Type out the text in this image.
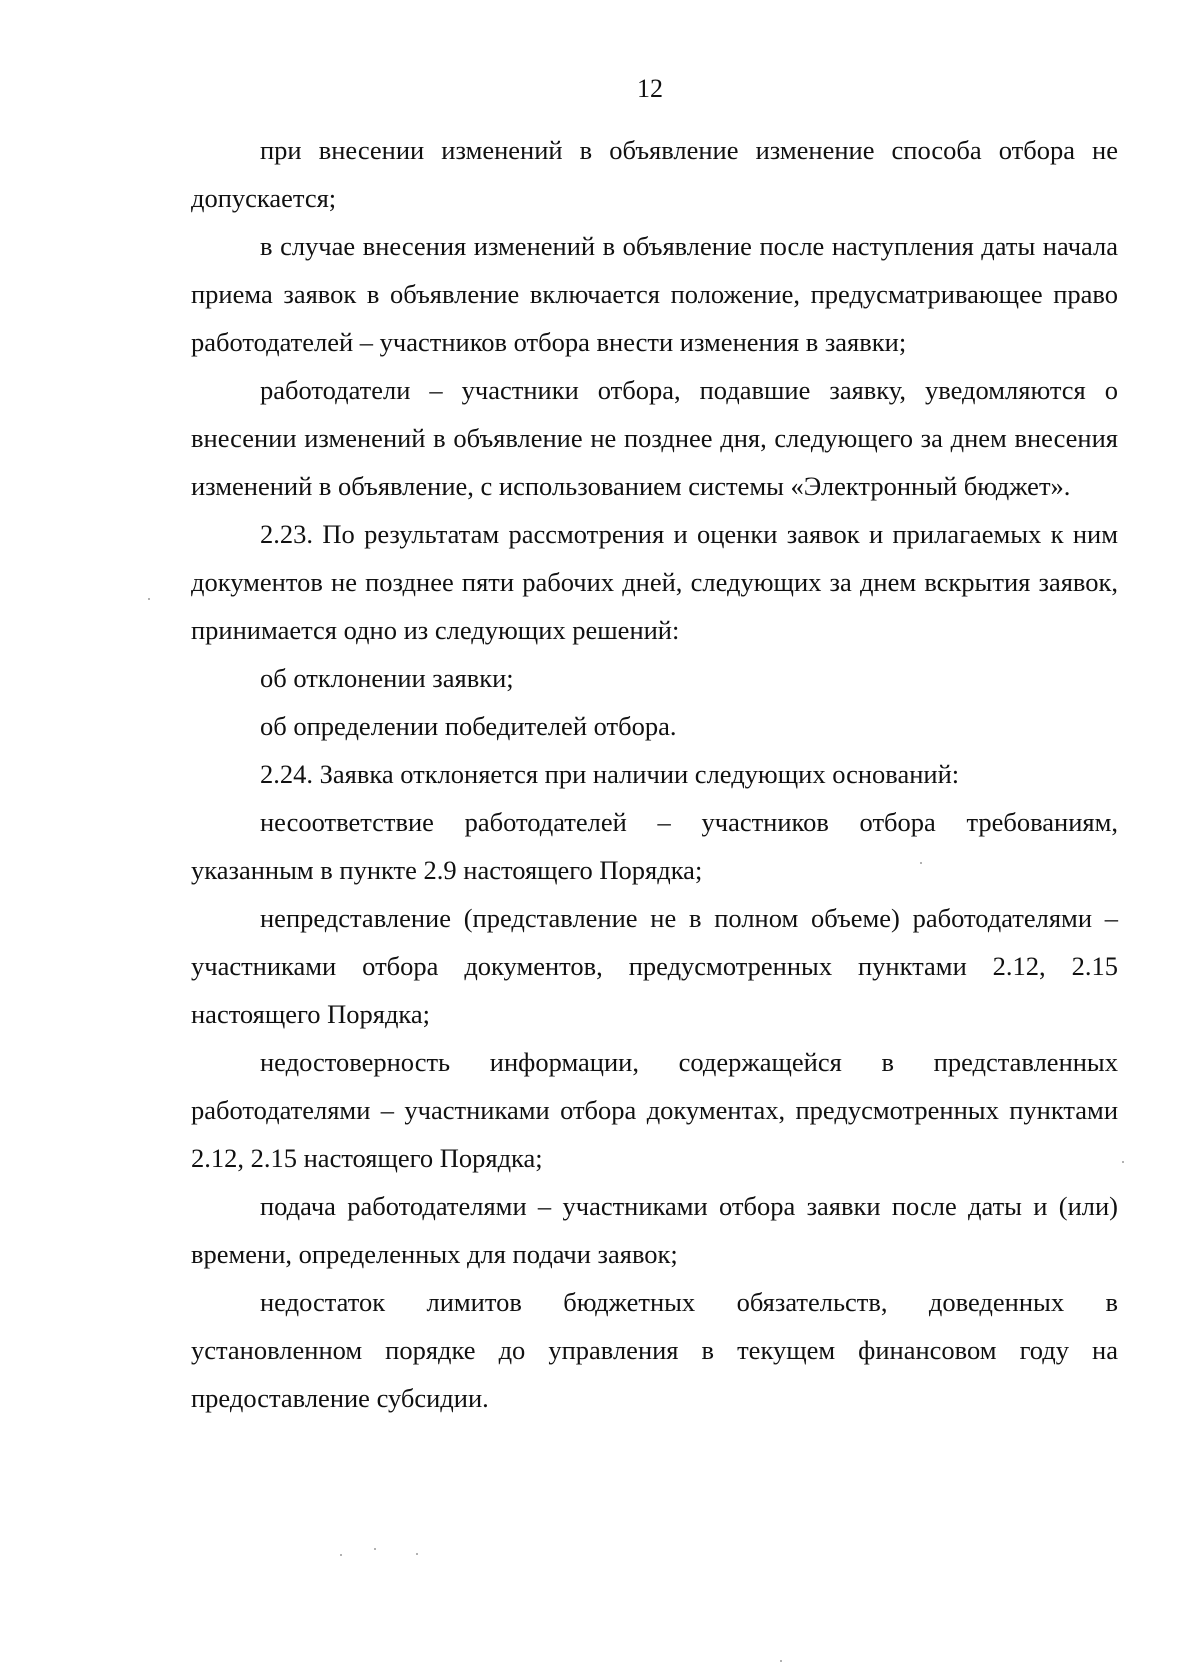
12

при внесении изменений в объявление изменение способа отбора не допускается;

в случае внесения изменений в объявление после наступления даты начала приема заявок в объявление включается положение, предусматривающее право работодателей – участников отбора внести изменения в заявки;

работодатели – участники отбора, подавшие заявку, уведомляются о внесении изменений в объявление не позднее дня, следующего за днем внесения изменений в объявление, с использованием системы «Электронный бюджет».

2.23. По результатам рассмотрения и оценки заявок и прилагаемых к ним документов не позднее пяти рабочих дней, следующих за днем вскрытия заявок, принимается одно из следующих решений:

об отклонении заявки;

об определении победителей отбора.

2.24. Заявка отклоняется при наличии следующих оснований:

несоответствие работодателей – участников отбора требованиям, указанным в пункте 2.9 настоящего Порядка;

непредставление (представление не в полном объеме) работодателями – участниками отбора документов, предусмотренных пунктами 2.12, 2.15 настоящего Порядка;

недостоверность информации, содержащейся в представленных работодателями – участниками отбора документах, предусмотренных пунктами 2.12, 2.15 настоящего Порядка;

подача работодателями – участниками отбора заявки после даты и (или) времени, определенных для подачи заявок;

недостаток лимитов бюджетных обязательств, доведенных в установленном порядке до управления в текущем финансовом году на предоставление субсидии.
